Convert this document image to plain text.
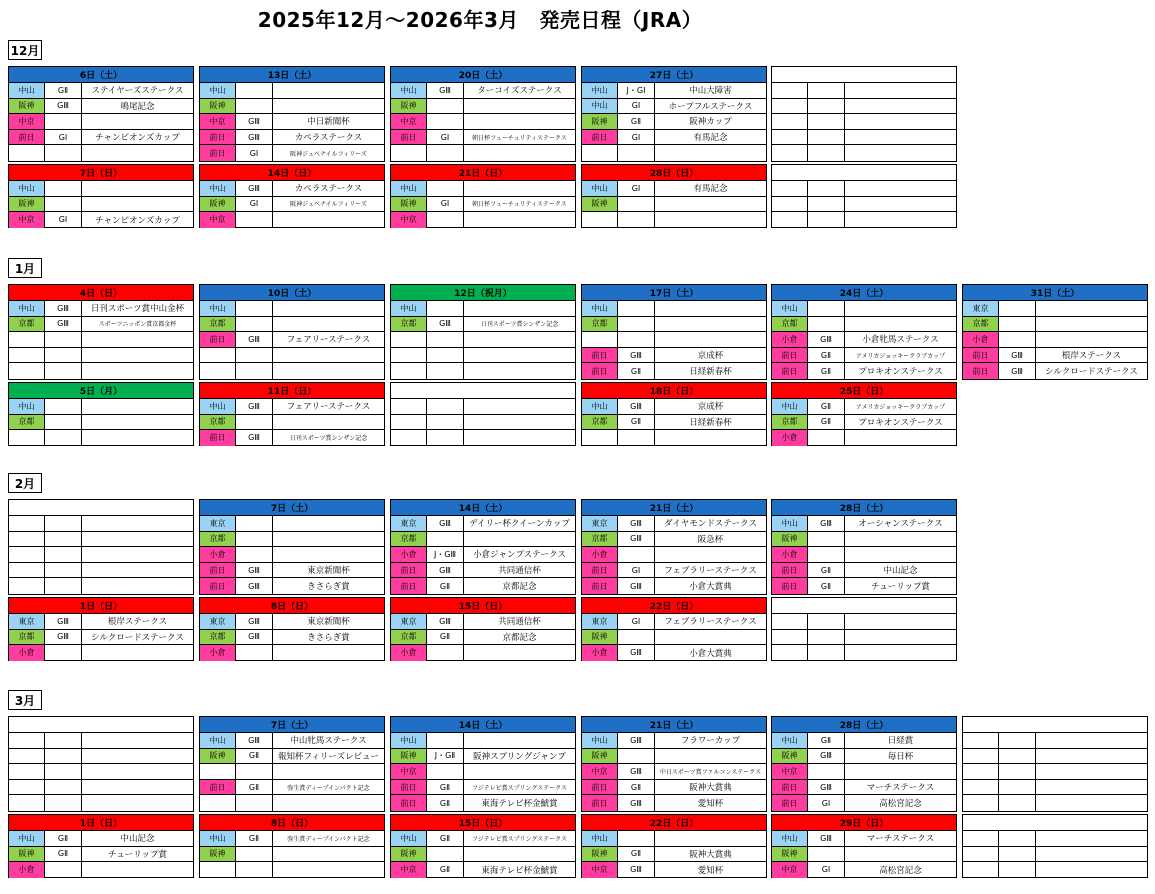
2025年12月～2026年3月　発売日程（JRA）
12月
6日（土）
中山	GⅡ	ステイヤーズステークス
阪神	GⅢ	鳴尾記念
中京
前日	GⅠ	チャンピオンズカップ
13日（土）
中山
阪神
中京	GⅢ	中日新聞杯
前日	GⅢ	カペラステークス
前日	GⅠ	阪神ジュベナイルフィリーズ
20日（土）
中山	GⅢ	ターコイズステークス
阪神
中京
前日	GⅠ	朝日杯フューチュリティステークス
27日（土）
中山	J・GⅠ	中山大障害
中山	GⅠ	ホープフルステークス
阪神	GⅡ	阪神カップ
前日	GⅠ	有馬記念
7日（日）
中山
阪神
中京	GⅠ	チャンピオンズカップ
14日（日）
中山	GⅢ	カペラステークス
阪神	GⅠ	阪神ジュベナイルフィリーズ
中京
21日（日）
中山
阪神	GⅠ	朝日杯フューチュリティステークス
中京
28日（日）
中山	GⅠ	有馬記念
阪神
1月
4日（日）
中山	GⅢ	日刊スポーツ賞中山金杯
京都	GⅢ	スポーツニッポン賞京都金杯
10日（土）
中山
京都
前日	GⅢ	フェアリーステークス
12日（祝月）
中山
京都	GⅢ	日刊スポーツ賞シンザン記念
17日（土）
中山
京都
前日	GⅢ	京成杯
前日	GⅡ	日経新春杯
24日（土）
中山
京都
小倉	GⅢ	小倉牝馬ステークス
前日	GⅡ	アメリカジョッキークラブカップ
前日	GⅡ	プロキオンステークス
31日（土）
東京
京都
小倉
前日	GⅢ	根岸ステークス
前日	GⅢ	シルクロードステークス
5日（月）
中山
京都
11日（日）
中山	GⅢ	フェアリーステークス
京都
前日	GⅢ	日刊スポーツ賞シンザン記念
18日（日）
中山	GⅢ	京成杯
京都	GⅡ	日経新春杯
25日（日）
中山	GⅡ	アメリカジョッキークラブカップ
京都	GⅡ	プロキオンステークス
小倉
2月
7日（土）
東京
京都
小倉
前日	GⅢ	東京新聞杯
前日	GⅢ	きさらぎ賞
14日（土）
東京	GⅢ	デイリー杯クイーンカップ
京都
小倉	J・GⅢ	小倉ジャンプステークス
前日	GⅢ	共同通信杯
前日	GⅡ	京都記念
21日（土）
東京	GⅢ	ダイヤモンドステークス
京都	GⅢ	阪急杯
小倉
前日	GⅠ	フェブラリーステークス
前日	GⅢ	小倉大賞典
28日（土）
中山	GⅢ	オーシャンステークス
阪神
小倉
前日	GⅡ	中山記念
前日	GⅡ	チューリップ賞
1日（日）
東京	GⅢ	根岸ステークス
京都	GⅢ	シルクロードステークス
小倉
8日（日）
東京	GⅢ	東京新聞杯
京都	GⅢ	きさらぎ賞
小倉
15日（日）
東京	GⅢ	共同通信杯
京都	GⅡ	京都記念
小倉
22日（日）
東京	GⅠ	フェブラリーステークス
阪神
小倉	GⅢ	小倉大賞典
3月
7日（土）
中山	GⅢ	中山牝馬ステークス
阪神	GⅡ	報知杯フィリーズレビュー
前日	GⅡ	弥生賞ディープインパクト記念
14日（土）
中山
阪神	J・GⅡ	阪神スプリングジャンプ
中京
前日	GⅡ	フジテレビ賞スプリングステークス
前日	GⅡ	東海テレビ杯金鯱賞
21日（土）
中山	GⅢ	フラワーカップ
阪神
中京	GⅢ	中日スポーツ賞ファルコンステークス
前日	GⅡ	阪神大賞典
前日	GⅢ	愛知杯
28日（土）
中山	GⅡ	日経賞
阪神	GⅢ	毎日杯
中京
前日	GⅢ	マーチステークス
前日	GⅠ	高松宮記念
1日（日）
中山	GⅡ	中山記念
阪神	GⅡ	チューリップ賞
小倉
8日（日）
中山	GⅡ	弥生賞ディープインパクト記念
阪神
15日（日）
中山	GⅡ	フジテレビ賞スプリングステークス
阪神
中京	GⅡ	東海テレビ杯金鯱賞
22日（日）
中山
阪神	GⅡ	阪神大賞典
中京	GⅢ	愛知杯
29日（日）
中山	GⅢ	マーチステークス
阪神
中京	GⅠ	高松宮記念
